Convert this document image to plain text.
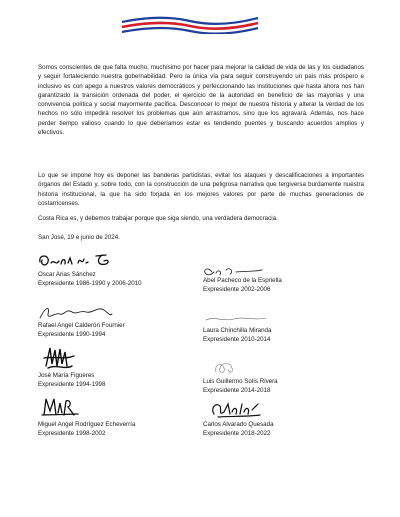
Somos conscientes de que falta mucho, muchísimo por hacer para mejorar la calidad de vida de las y los ciudadanos y seguir fortaleciendo nuestra gobernabilidad. Pero la única vía para seguir construyendo un país más próspero e inclusivo es con apego a nuestros valores democráticos y perfeccionando las instituciones que hasta ahora nos han garantizado la transición ordenada del poder, el ejercicio de la autoridad en beneficio de las mayorías y una convivencia política y social mayormente pacífica. Desconocer lo mejor de nuestra historia y alterar la verdad de los hechos no sólo impedirá resolver los problemas que aún arrastramos, sino que los agravará. Además, nos hace perder tiempo valioso cuando lo que deberíamos estar es tendiendo puentes y buscando acuerdos amplios y efectivos.

Lo que se impone hoy es deponer las banderas partidistas, evitar los ataques y descalificaciones a importantes órganos del Estado y, sobre todo, con la construcción de una peligrosa narrativa que tergiversa burdamente nuestra historia institucional, la que ha sido forjada en los mejores valores por parte de muchas generaciones de costarricenses.

Costa Rica es, y debemos trabajar porque que siga siendo, una verdadera democracia.

San José, 19 e junio de 2024.

Oscar Arias Sánchez
Expresidente 1986-1990 y 2006-2010	Abel Pacheco de la Espriella
Expresidente 2002-2006
Rafael Angel Calderón Fournier
Expresidente 1990-1994
Laura Chinchilla Miranda
Expresidente 2010-2014
José María Figueres
Expresidente 1994-1998	Luis Guillermo Solís Rivera
Expresidente 2014-2018
Miguel Angel Rodríguez Echeverría
Expresidente 1998-2002
Carlos Alvarado Quesada
Expresidente 2018-2022
